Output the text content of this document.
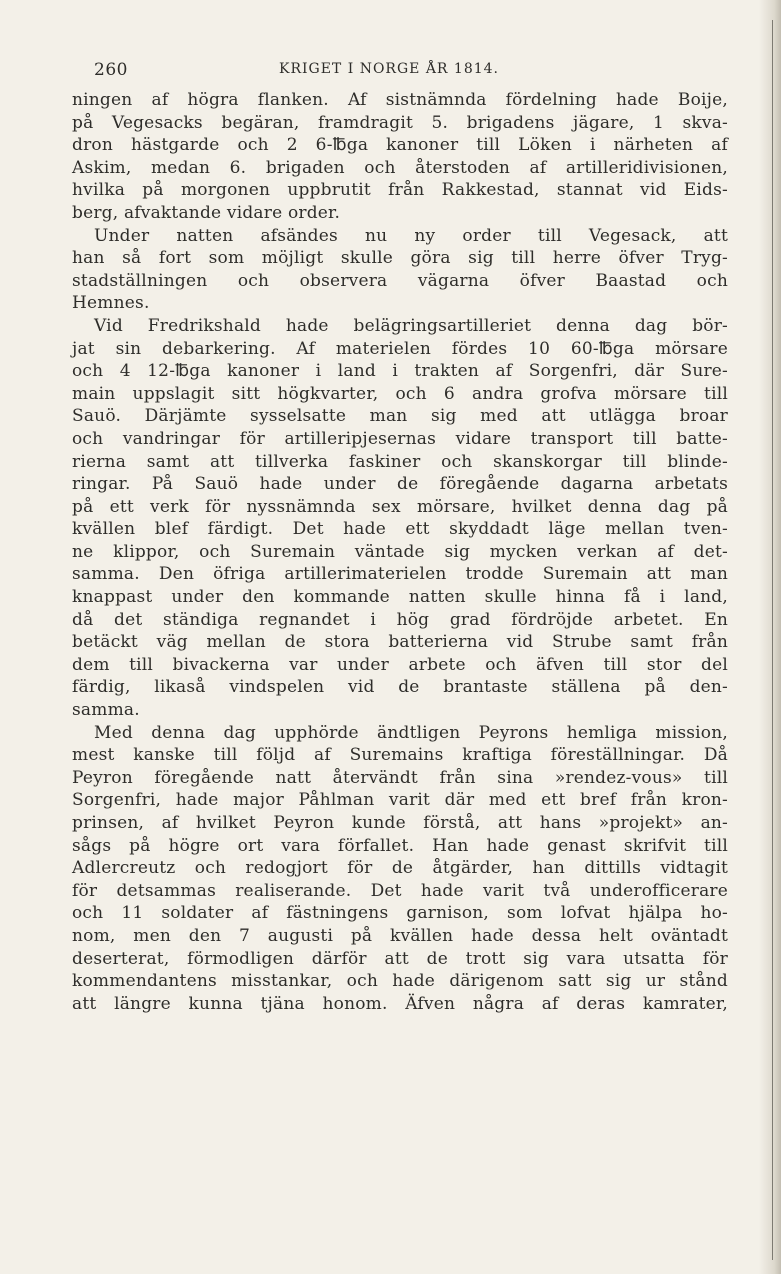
260	KRIGET I NORGE ÅR 1814.
ningen af högra flanken. Af sistnämnda fördelning hade Boije,
på Vegesacks begäran, framdragit 5. brigadens jägare, 1 skva-
dron hästgarde och 2 6-℔ga kanoner till Löken i närheten af
Askim, medan 6. brigaden och återstoden af artilleridivisionen,
hvilka på morgonen uppbrutit från Rakkestad, stannat vid Eids-
berg, afvaktande vidare order.
Under natten afsändes nu ny order till Vegesack, att
han så fort som möjligt skulle göra sig till herre öfver Tryg-
stadställningen och observera vägarna öfver Baastad och
Hemnes.
Vid Fredrikshald hade belägringsartilleriet denna dag bör-
jat sin debarkering. Af materielen fördes 10 60-℔ga mörsare
och 4 12-℔ga kanoner i land i trakten af Sorgenfri, där Sure-
main uppslagit sitt högkvarter, och 6 andra grofva mörsare till
Sauö. Därjämte sysselsatte man sig med att utlägga broar
och vandringar för artilleripjesernas vidare transport till batte-
rierna samt att tillverka faskiner och skanskorgar till blinde-
ringar. På Sauö hade under de föregående dagarna arbetats
på ett verk för nyssnämnda sex mörsare, hvilket denna dag på
kvällen blef färdigt. Det hade ett skyddadt läge mellan tven-
ne klippor, och Suremain väntade sig mycken verkan af det-
samma. Den öfriga artillerimaterielen trodde Suremain att man
knappast under den kommande natten skulle hinna få i land,
då det ständiga regnandet i hög grad fördröjde arbetet. En
betäckt väg mellan de stora batterierna vid Strube samt från
dem till bivackerna var under arbete och äfven till stor del
färdig, likaså vindspelen vid de brantaste ställena på den-
samma.
Med denna dag upphörde ändtligen Peyrons hemliga mission,
mest kanske till följd af Suremains kraftiga föreställningar. Då
Peyron föregående natt återvändt från sina »rendez-vous» till
Sorgenfri, hade major Påhlman varit där med ett bref från kron-
prinsen, af hvilket Peyron kunde förstå, att hans »projekt» an-
sågs på högre ort vara förfallet. Han hade genast skrifvit till
Adlercreutz och redogjort för de åtgärder, han dittills vidtagit
för detsammas realiserande. Det hade varit två underofficerare
och 11 soldater af fästningens garnison, som lofvat hjälpa ho-
nom, men den 7 augusti på kvällen hade dessa helt oväntadt
deserterat, förmodligen därför att de trott sig vara utsatta för
kommendantens misstankar, och hade därigenom satt sig ur stånd
att längre kunna tjäna honom. Äfven några af deras kamrater,
